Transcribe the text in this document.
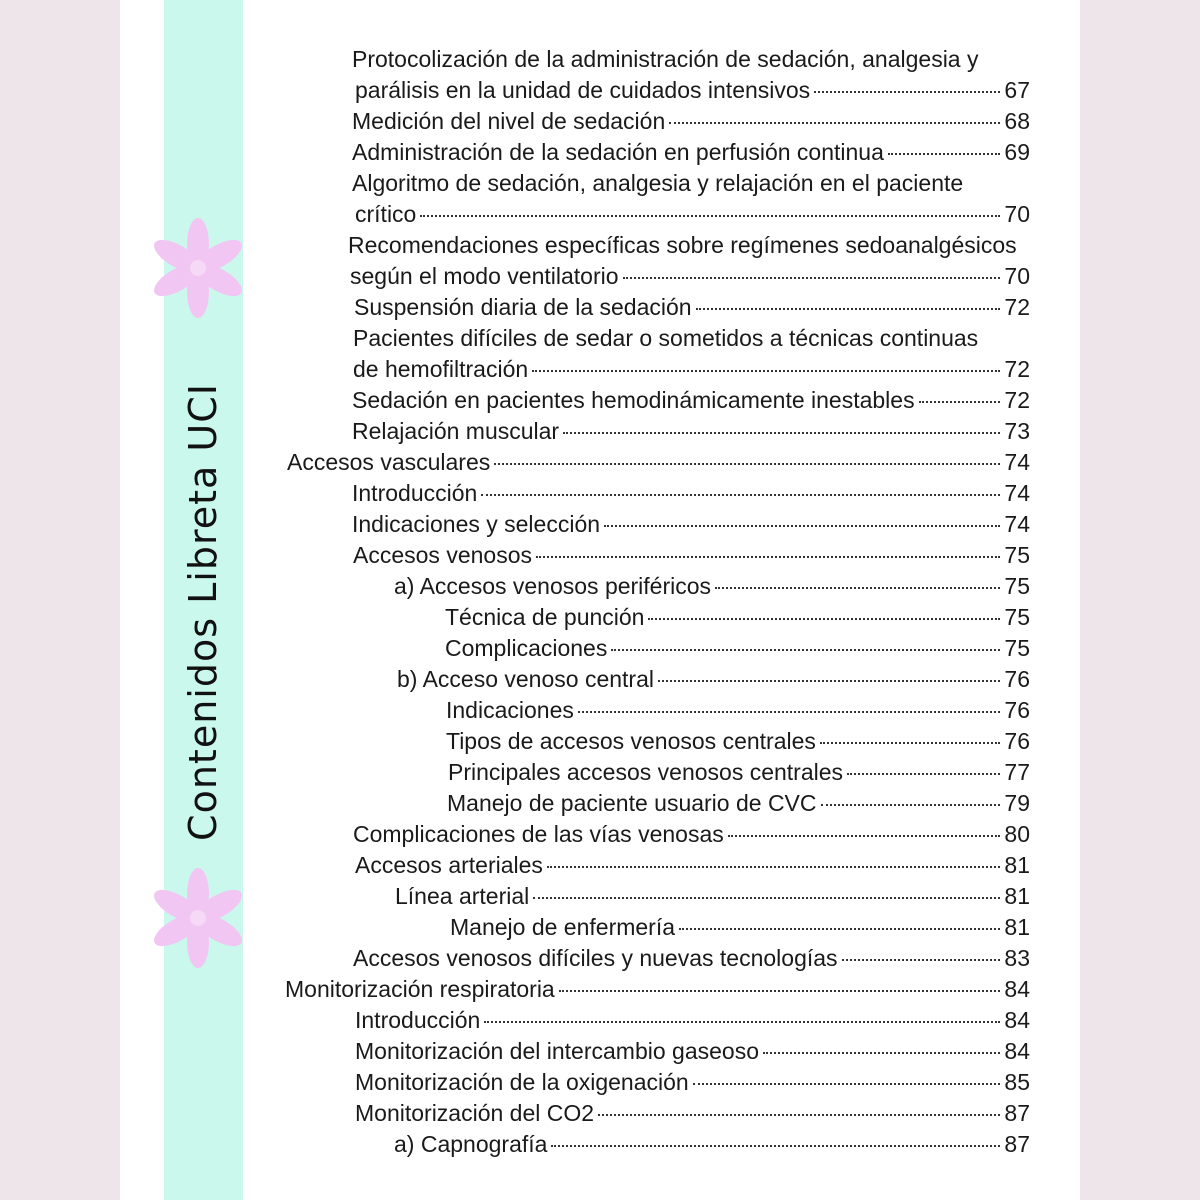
Contenidos Libreta UCI
Protocolización de la administración de sedación, analgesia y
parálisis en la unidad de cuidados intensivos	67
Medición del nivel de sedación	68
Administración de la sedación en perfusión continua	69
Algoritmo de sedación, analgesia y relajación en el paciente
crítico	70
Recomendaciones específicas sobre regímenes sedoanalgésicos
según el modo ventilatorio	70
Suspensión diaria de la sedación	72
Pacientes difíciles de sedar o sometidos a técnicas continuas
de hemofiltración	72
Sedación en pacientes hemodinámicamente inestables	72
Relajación muscular	73
Accesos vasculares	74
Introducción	74
Indicaciones y selección	74
Accesos venosos	75
a) Accesos venosos periféricos	75
Técnica de punción	75
Complicaciones	75
b) Acceso venoso central	76
Indicaciones	76
Tipos de accesos venosos centrales	76
Principales accesos venosos centrales	77
Manejo de paciente usuario de CVC	79
Complicaciones de las vías venosas	80
Accesos arteriales	81
Línea arterial	81
Manejo de enfermería	81
Accesos venosos difíciles y nuevas tecnologías	83
Monitorización respiratoria	84
Introducción	84
Monitorización del intercambio gaseoso	84
Monitorización de la oxigenación	85
Monitorización del CO2	87
a) Capnografía	87
